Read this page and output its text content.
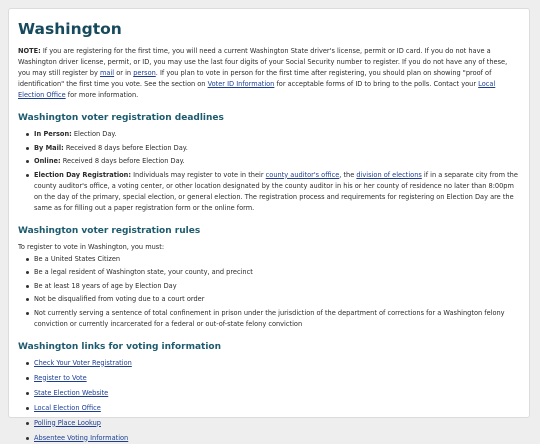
Washington

NOTE: If you are registering for the first time, you will need a current Washington State driver's license, permit or ID card. If you do not have a Washington driver license, permit, or ID, you may use the last four digits of your Social Security number to register. If you do not have any of these, you may still register by mail or in person. If you plan to vote in person for the first time after registering, you should plan on showing "proof of identification" the first time you vote. See the section on Voter ID Information for acceptable forms of ID to bring to the polls. Contact your Local Election Office for more information.

Washington voter registration deadlines
In Person: Election Day.
By Mail: Received 8 days before Election Day.
Online: Received 8 days before Election Day.
Election Day Registration: Individuals may register to vote in their county auditor's office, the division of elections if in a separate city from the county auditor's office, a voting center, or other location designated by the county auditor in his or her county of residence no later than 8:00pm on the day of the primary, special election, or general election. The registration process and requirements for registering on Election Day are the same as for filling out a paper registration form or the online form.
Washington voter registration rules

To register to vote in Washington, you must:

Be a United States Citizen
Be a legal resident of Washington state, your county, and precinct
Be at least 18 years of age by Election Day
Not be disqualified from voting due to a court order
Not currently serving a sentence of total confinement in prison under the jurisdiction of the department of corrections for a Washington felony conviction or currently incarcerated for a federal or out-of-state felony conviction
Washington links for voting information
Check Your Voter Registration
Register to Vote
State Election Website
Local Election Office
Polling Place Lookup
Absentee Voting Information
